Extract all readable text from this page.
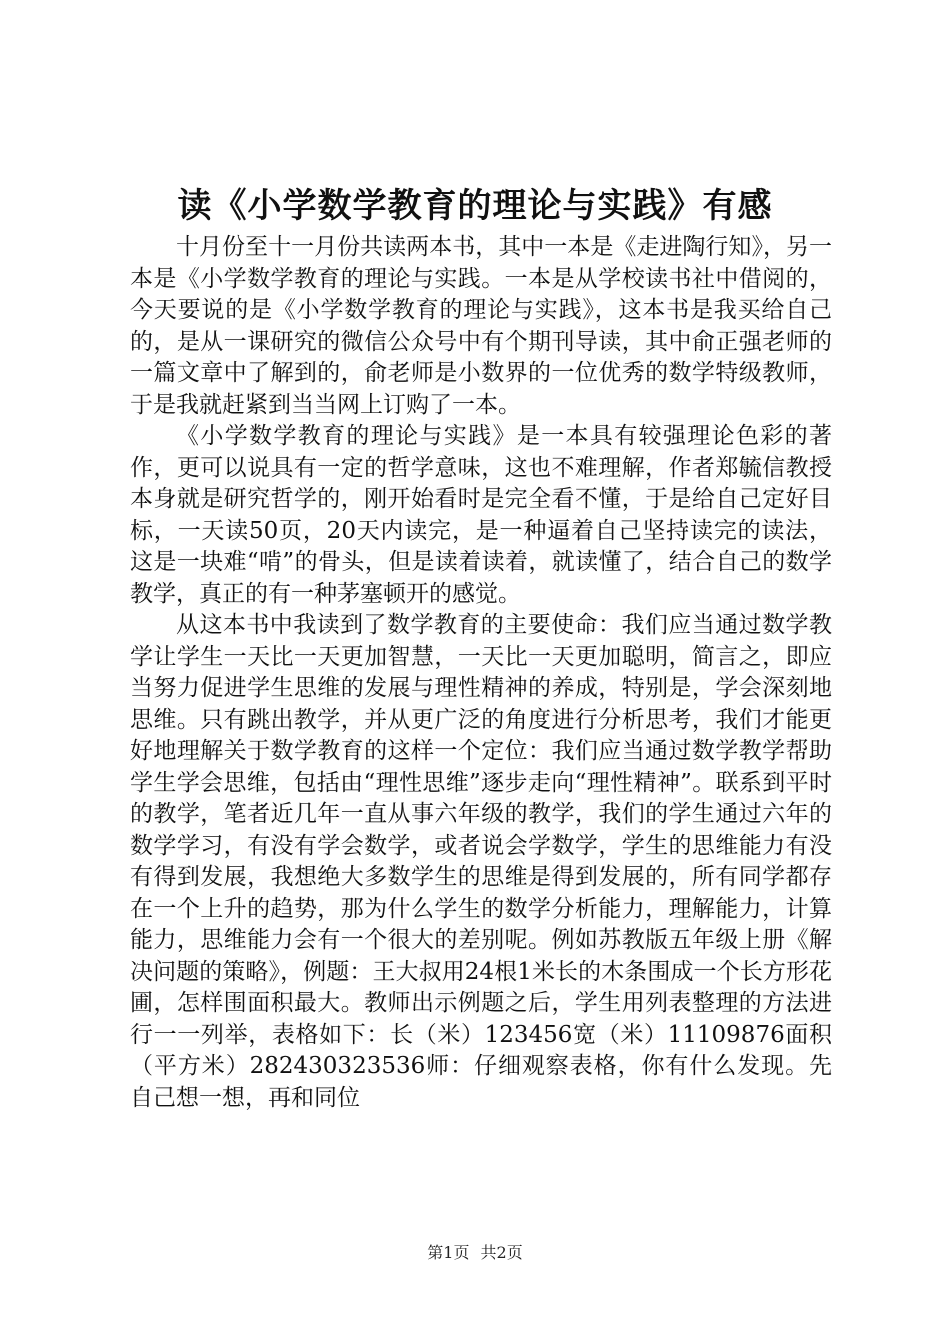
读《小学数学教育的理论与实践》有感

十月份至十一月份共读两本书，其中一本是《走进陶行知》，另一本是《小学数学教育的理论与实践。一本是从学校读书社中借阅的，今天要说的是《小学数学教育的理论与实践》，这本书是我买给自己的，是从一课研究的微信公众号中有个期刊导读，其中俞正强老师的一篇文章中了解到的，俞老师是小数界的一位优秀的数学特级教师，于是我就赶紧到当当网上订购了一本。

《小学数学教育的理论与实践》是一本具有较强理论色彩的著作，更可以说具有一定的哲学意味，这也不难理解，作者郑毓信教授本身就是研究哲学的，刚开始看时是完全看不懂，于是给自己定好目标，一天读50页，20天内读完，是一种逼着自己坚持读完的读法，这是一块难“啃”的骨头，但是读着读着，就读懂了，结合自己的数学教学，真正的有一种茅塞顿开的感觉。

从这本书中我读到了数学教育的主要使命：我们应当通过数学教学让学生一天比一天更加智慧，一天比一天更加聪明，简言之，即应当努力促进学生思维的发展与理性精神的养成，特别是，学会深刻地思维。只有跳出教学，并从更广泛的角度进行分析思考，我们才能更好地理解关于数学教育的这样一个定位：我们应当通过数学教学帮助学生学会思维，包括由“理性思维”逐步走向“理性精神”。联系到平时的教学，笔者近几年一直从事六年级的教学，我们的学生通过六年的数学学习，有没有学会数学，或者说会学数学，学生的思维能力有没有得到发展，我想绝大多数学生的思维是得到发展的，所有同学都存在一个上升的趋势，那为什么学生的数学分析能力，理解能力，计算能力，思维能力会有一个很大的差别呢。例如苏教版五年级上册《解决问题的策略》，例题：王大叔用24根1米长的木条围成一个长方形花圃，怎样围面积最大。教师出示例题之后，学生用列表整理的方法进行一一列举，表格如下：长（米）123456宽（米）11109876面积（平方米）282430323536师：仔细观察表格，你有什么发现。先自己想一想，再和同位

第1页 共2页
